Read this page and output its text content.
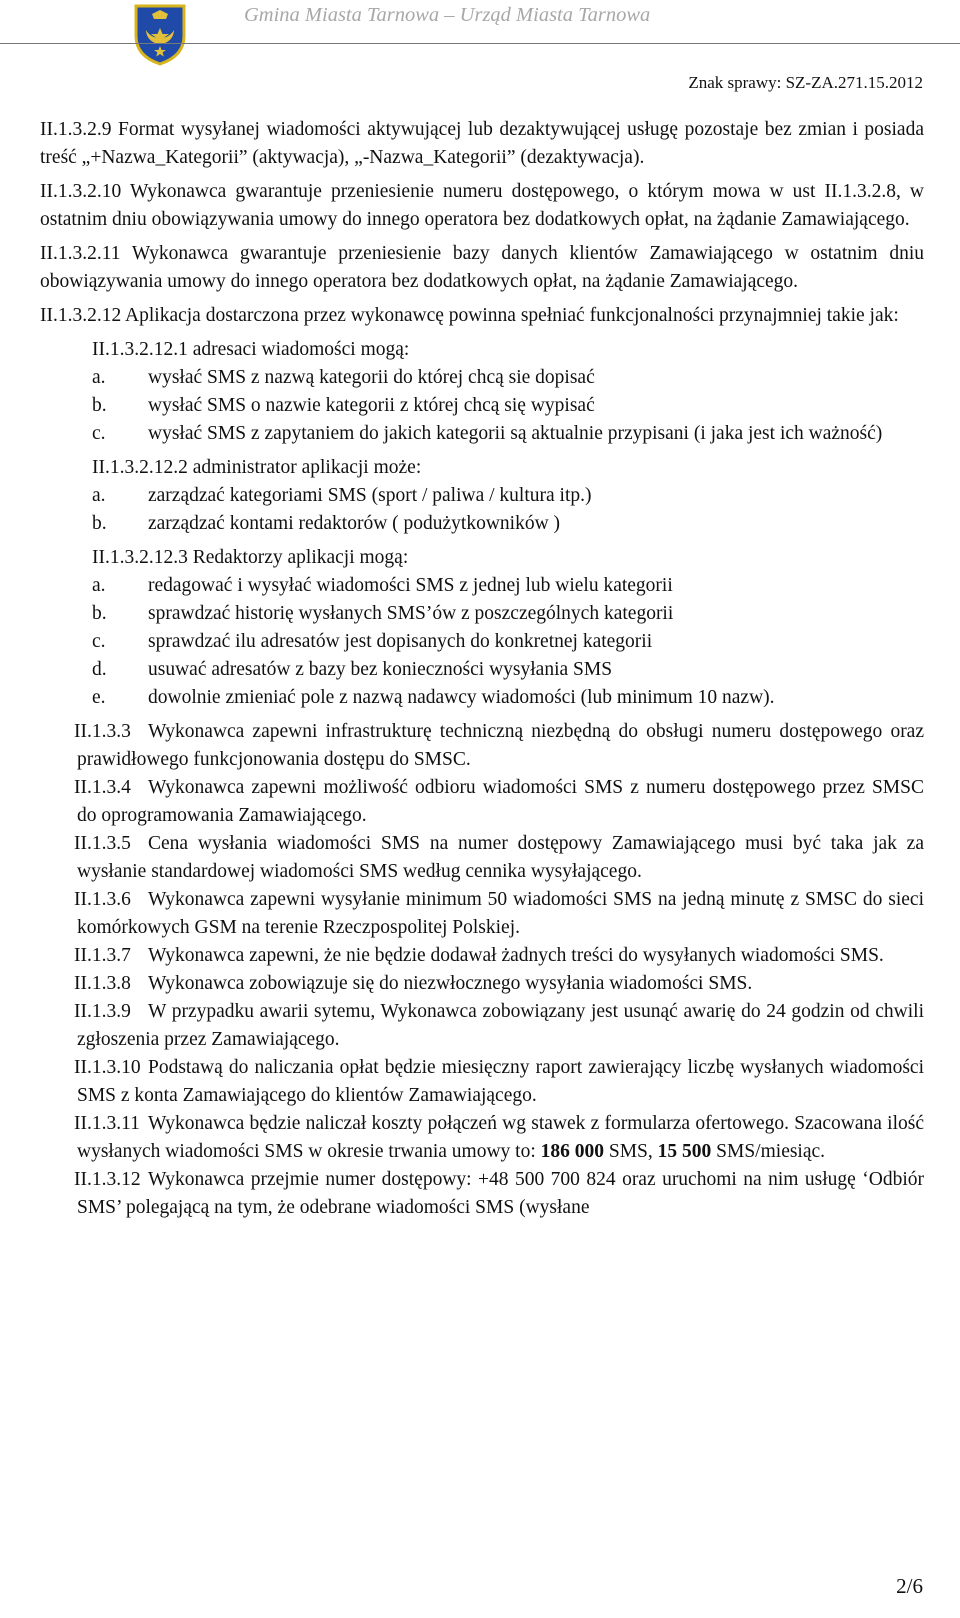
Gmina Miasta Tarnowa – Urząd Miasta Tarnowa
Znak sprawy: SZ-ZA.271.15.2012
II.1.3.2.9 Format wysyłanej wiadomości aktywującej lub dezaktywującej usługę pozostaje bez zmian i posiada treść „+Nazwa_Kategorii” (aktywacja), „-Nazwa_Kategorii” (dezaktywacja).
II.1.3.2.10 Wykonawca gwarantuje przeniesienie numeru dostępowego, o którym mowa w ust II.1.3.2.8, w ostatnim dniu obowiązywania umowy do innego operatora bez dodatkowych opłat, na żądanie Zamawiającego.
II.1.3.2.11 Wykonawca gwarantuje przeniesienie bazy danych klientów Zamawiającego w ostatnim dniu obowiązywania umowy do innego operatora bez dodatkowych opłat, na żądanie Zamawiającego.
II.1.3.2.12 Aplikacja dostarczona przez wykonawcę powinna spełniać funkcjonalności przynajmniej takie jak:
II.1.3.2.12.1 adresaci wiadomości mogą:
a. wysłać SMS z nazwą kategorii do której chcą sie dopisać
b. wysłać SMS o nazwie kategorii z której chcą się wypisać
c. wysłać SMS z zapytaniem do jakich kategorii są aktualnie przypisani (i jaka jest ich ważność)
II.1.3.2.12.2 administrator aplikacji może:
a. zarządzać kategoriami SMS (sport / paliwa / kultura itp.)
b. zarządzać kontami redaktorów ( podużytkowników )
II.1.3.2.12.3 Redaktorzy aplikacji mogą:
a. redagować i wysyłać wiadomości SMS z jednej lub wielu kategorii
b. sprawdzać historię wysłanych SMS’ów z poszczególnych kategorii
c. sprawdzać ilu adresatów jest dopisanych do konkretnej kategorii
d. usuwać adresatów z bazy bez konieczności wysyłania SMS
e. dowolnie zmieniać pole z nazwą nadawcy wiadomości (lub minimum 10 nazw).
II.1.3.3 Wykonawca zapewni infrastrukturę techniczną niezbędną do obsługi numeru dostępowego oraz prawidłowego funkcjonowania dostępu do SMSC.
II.1.3.4 Wykonawca zapewni możliwość odbioru wiadomości SMS z numeru dostępowego przez SMSC do oprogramowania Zamawiającego.
II.1.3.5 Cena wysłania wiadomości SMS na numer dostępowy Zamawiającego musi być taka jak za wysłanie standardowej wiadomości SMS według cennika wysyłającego.
II.1.3.6 Wykonawca zapewni wysyłanie minimum 50 wiadomości SMS na jedną minutę z SMSC do sieci komórkowych GSM na terenie Rzeczpospolitej Polskiej.
II.1.3.7 Wykonawca zapewni, że nie będzie dodawał żadnych treści do wysyłanych wiadomości SMS.
II.1.3.8 Wykonawca zobowiązuje się do niezwłocznego wysyłania wiadomości SMS.
II.1.3.9 W przypadku awarii sytemu, Wykonawca zobowiązany jest usunąć awarię do 24 godzin od chwili zgłoszenia przez Zamawiającego.
II.1.3.10 Podstawą do naliczania opłat będzie miesięczny raport zawierający liczbę wysłanych wiadomości SMS z konta Zamawiającego do klientów Zamawiającego.
II.1.3.11 Wykonawca będzie naliczał koszty połączeń wg stawek z formularza ofertowego. Szacowana ilość wysłanych wiadomości SMS w okresie trwania umowy to: 186 000 SMS, 15 500 SMS/miesiąc.
II.1.3.12 Wykonawca przejmie numer dostępowy: +48 500 700 824 oraz uruchomi na nim usługę ‘Odbiór SMS’ polegającą na tym, że odebrane wiadomości SMS (wysłane
2/6
